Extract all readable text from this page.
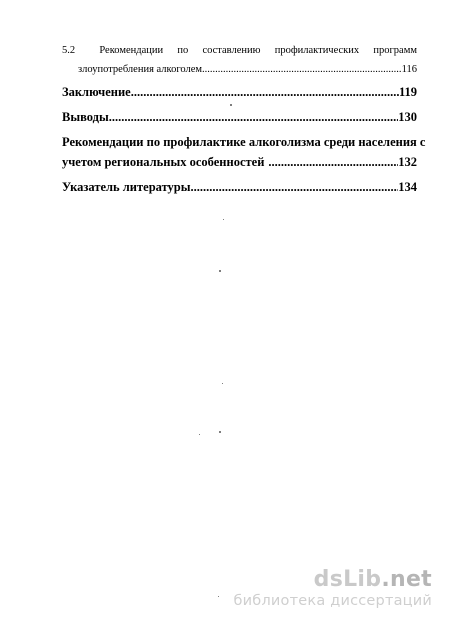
5.2 Рекомендации по составлению профилактических программ
злоупотребления алкоголем. .....	116
Заключение .....	119
Выводы .....	130
Рекомендации по профилактике алкоголизма среди населения с
учетом региональных особенностей .....	132
Указатель литературы. .....	134
dsLib.net
библиотека диссертаций
